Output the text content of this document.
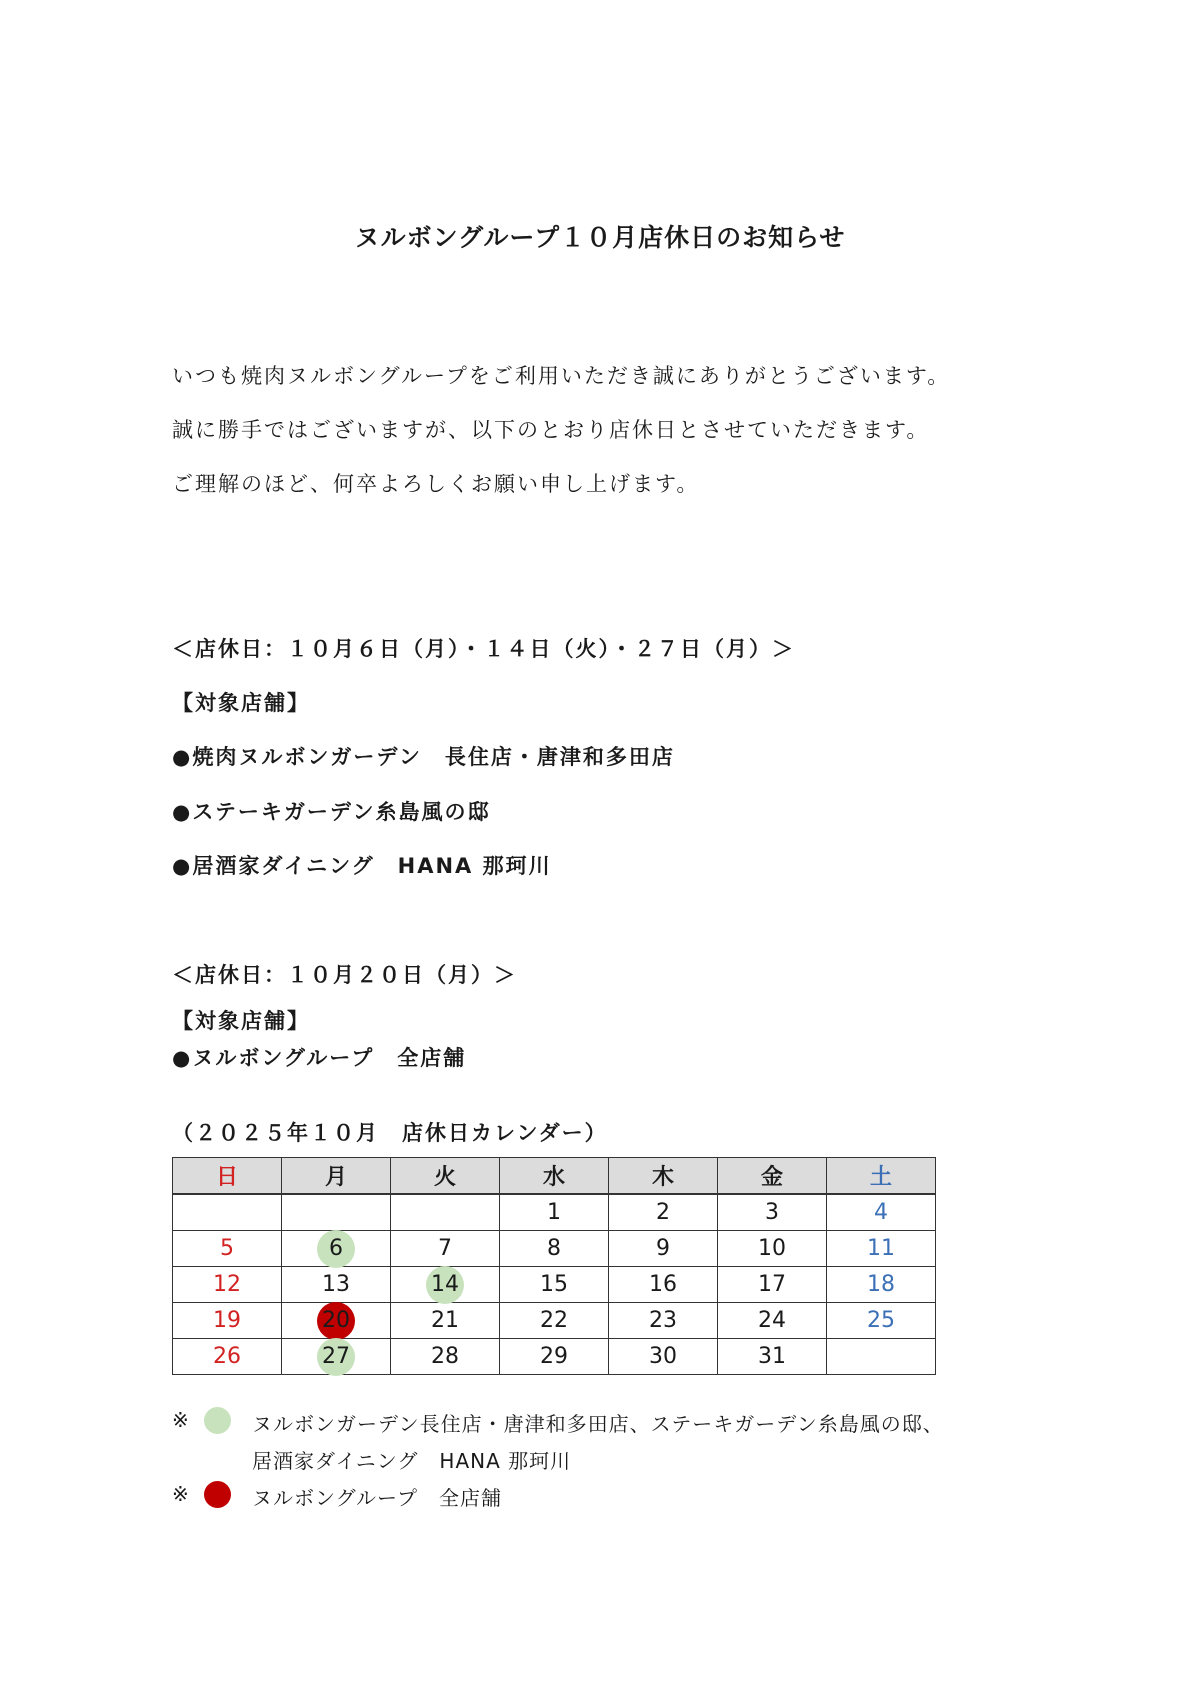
ヌルボングループ１０月店休日のお知らせ

いつも焼肉ヌルボングループをご利用いただき誠にありがとうございます。

誠に勝手ではございますが、以下のとおり店休日とさせていただきます。

ご理解のほど、何卒よろしくお願い申し上げます。

＜店休日：１０月６日（月）・１４日（火）・２７日（月）＞

【対象店舗】

●焼肉ヌルボンガーデン　長住店・唐津和多田店

●ステーキガーデン糸島風の邸

●居酒家ダイニング　HANA 那珂川

＜店休日：１０月２０日（月）＞

【対象店舗】

●ヌルボングループ　全店舗

（２０２５年１０月　店休日カレンダー）

日	月	火	水	木	金	土
			1	2	3	4
5	6	7	8	9	10	11
12	13	14	15	16	17	18
19	20	21	22	23	24	25
26	27	28	29	30	31	
※	ヌルボンガーデン長住店・唐津和多田店、ステーキガーデン糸島風の邸、
居酒家ダイニング　HANA 那珂川
※	ヌルボングループ　全店舗
